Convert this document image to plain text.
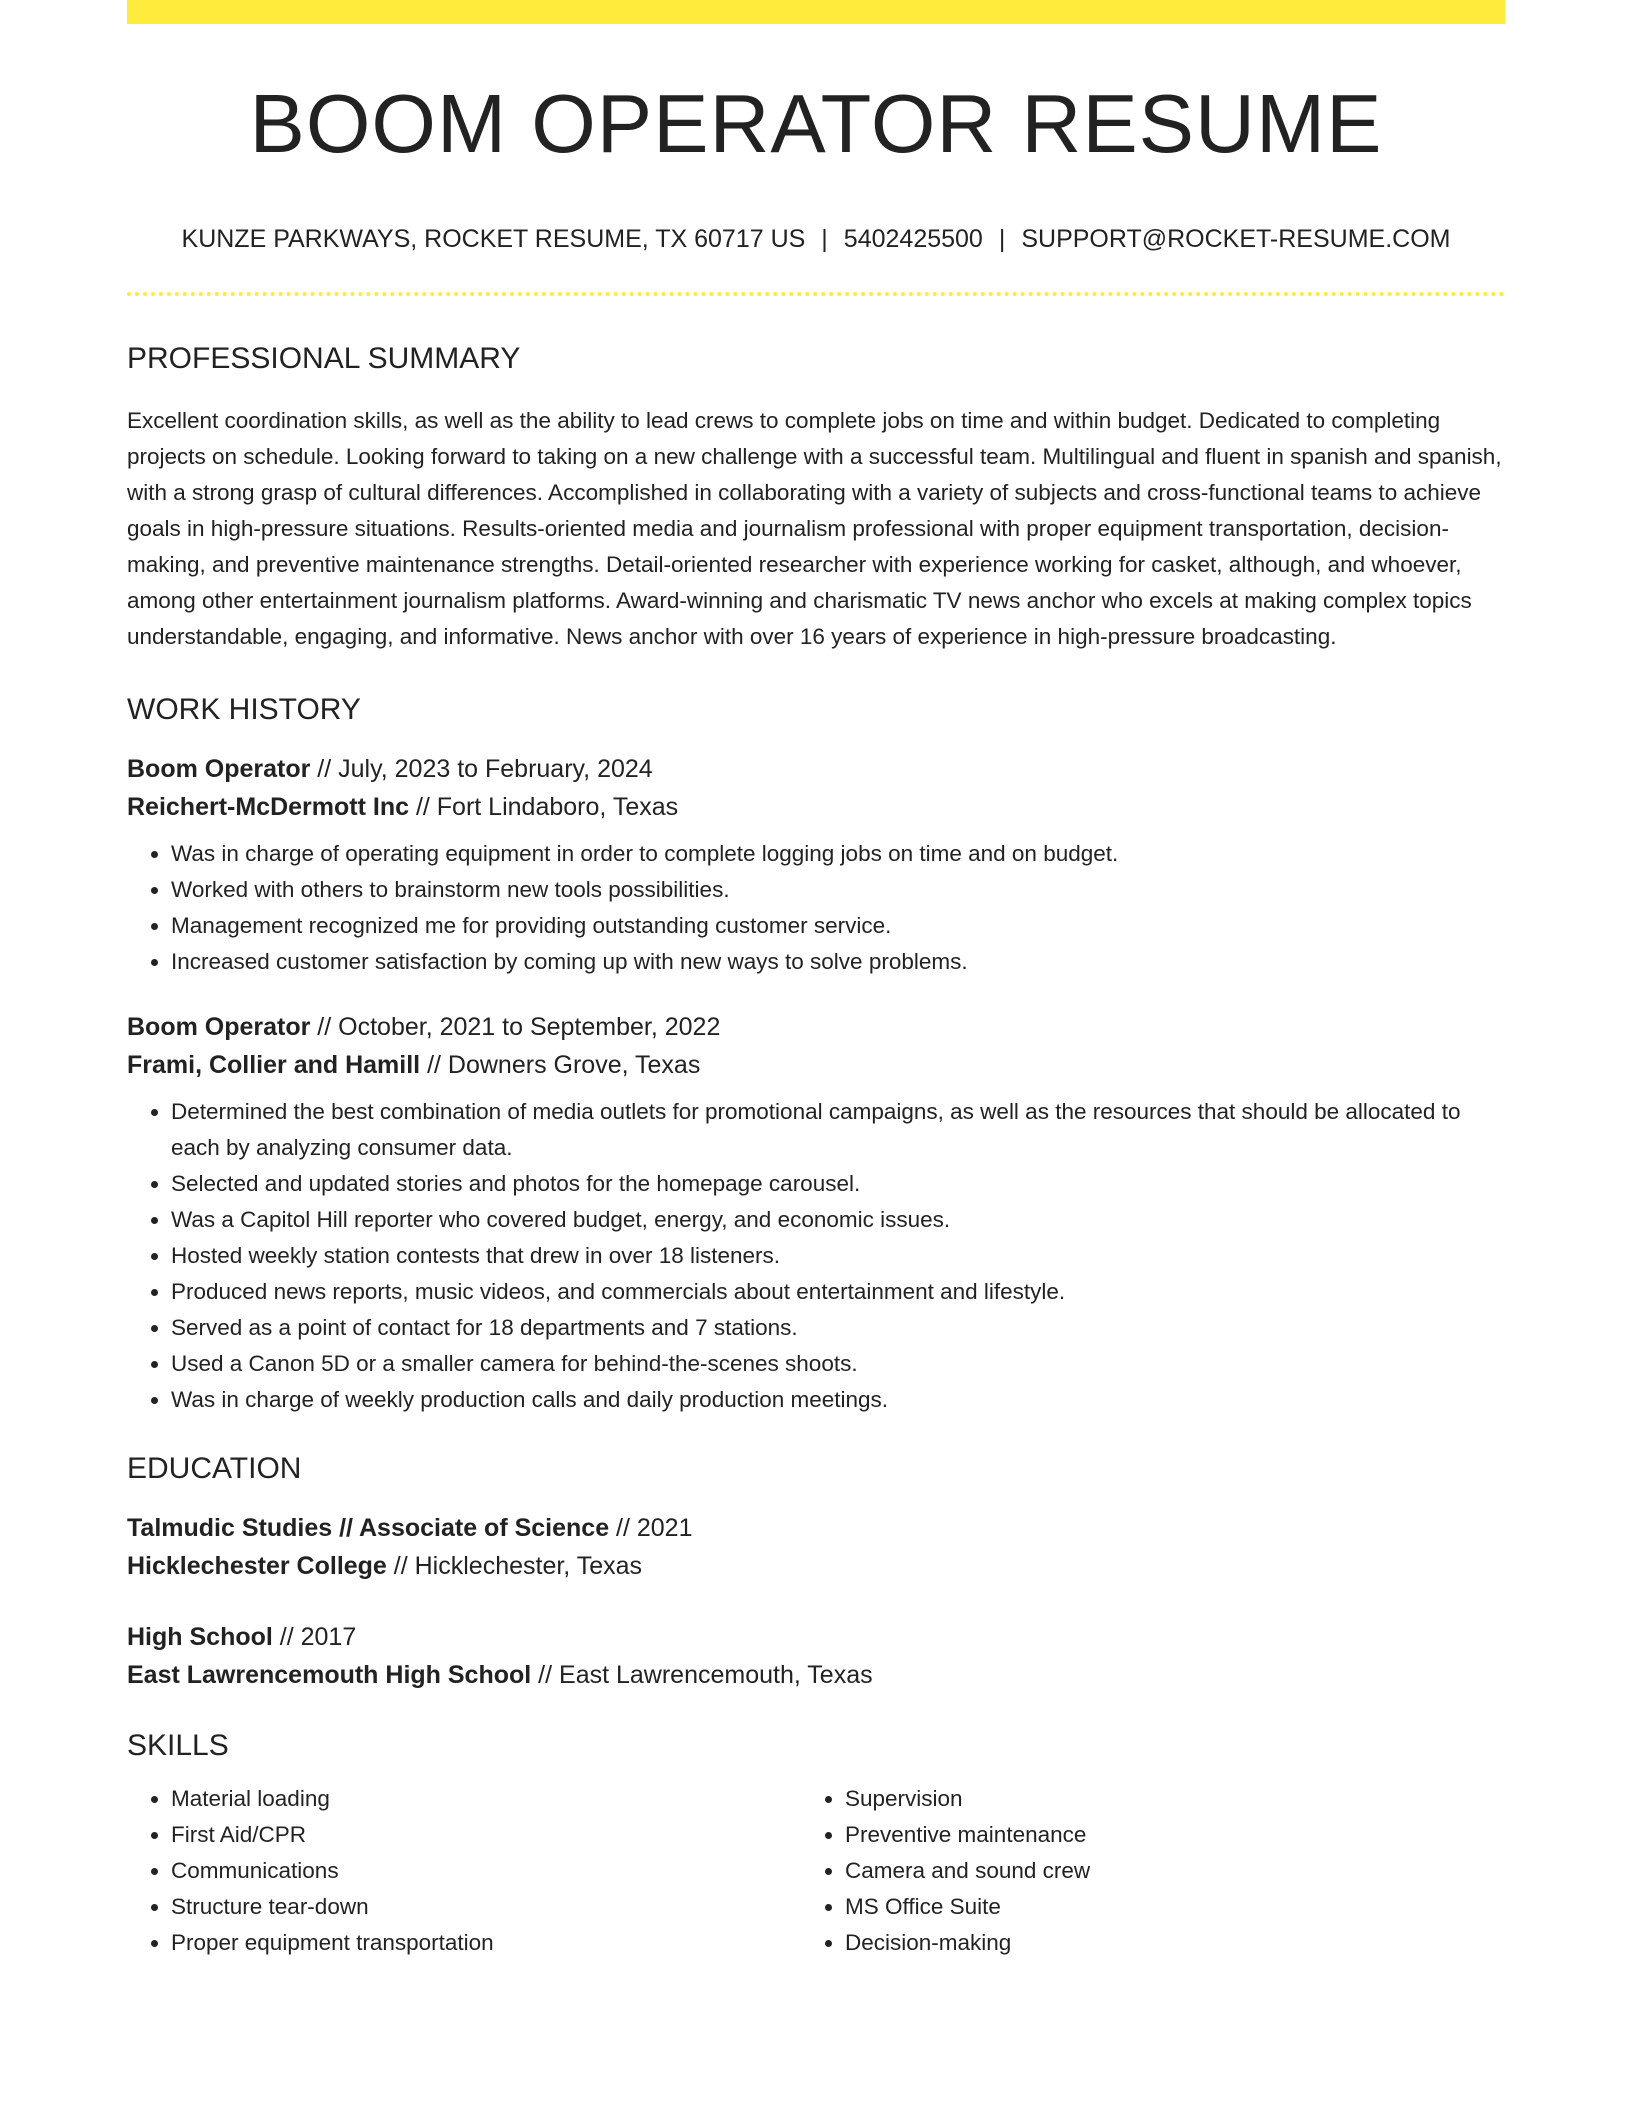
BOOM OPERATOR RESUME
KUNZE PARKWAYS, ROCKET RESUME, TX 60717 US | 5402425500 | SUPPORT@ROCKET-RESUME.COM
PROFESSIONAL SUMMARY
Excellent coordination skills, as well as the ability to lead crews to complete jobs on time and within budget. Dedicated to completing projects on schedule. Looking forward to taking on a new challenge with a successful team. Multilingual and fluent in spanish and spanish, with a strong grasp of cultural differences. Accomplished in collaborating with a variety of subjects and cross-functional teams to achieve goals in high-pressure situations. Results-oriented media and journalism professional with proper equipment transportation, decision-making, and preventive maintenance strengths. Detail-oriented researcher with experience working for casket, although, and whoever, among other entertainment journalism platforms. Award-winning and charismatic TV news anchor who excels at making complex topics understandable, engaging, and informative. News anchor with over 16 years of experience in high-pressure broadcasting.
WORK HISTORY
Boom Operator // July, 2023 to February, 2024
Reichert-McDermott Inc // Fort Lindaboro, Texas
• Was in charge of operating equipment in order to complete logging jobs on time and on budget.
• Worked with others to brainstorm new tools possibilities.
• Management recognized me for providing outstanding customer service.
• Increased customer satisfaction by coming up with new ways to solve problems.
Boom Operator // October, 2021 to September, 2022
Frami, Collier and Hamill // Downers Grove, Texas
• Determined the best combination of media outlets for promotional campaigns, as well as the resources that should be allocated to each by analyzing consumer data.
• Selected and updated stories and photos for the homepage carousel.
• Was a Capitol Hill reporter who covered budget, energy, and economic issues.
• Hosted weekly station contests that drew in over 18 listeners.
• Produced news reports, music videos, and commercials about entertainment and lifestyle.
• Served as a point of contact for 18 departments and 7 stations.
• Used a Canon 5D or a smaller camera for behind-the-scenes shoots.
• Was in charge of weekly production calls and daily production meetings.
EDUCATION
Talmudic Studies // Associate of Science // 2021
Hicklechester College // Hicklechester, Texas
High School // 2017
East Lawrencemouth High School // East Lawrencemouth, Texas
SKILLS
• Material loading
• First Aid/CPR
• Communications
• Structure tear-down
• Proper equipment transportation
• Supervision
• Preventive maintenance
• Camera and sound crew
• MS Office Suite
• Decision-making
